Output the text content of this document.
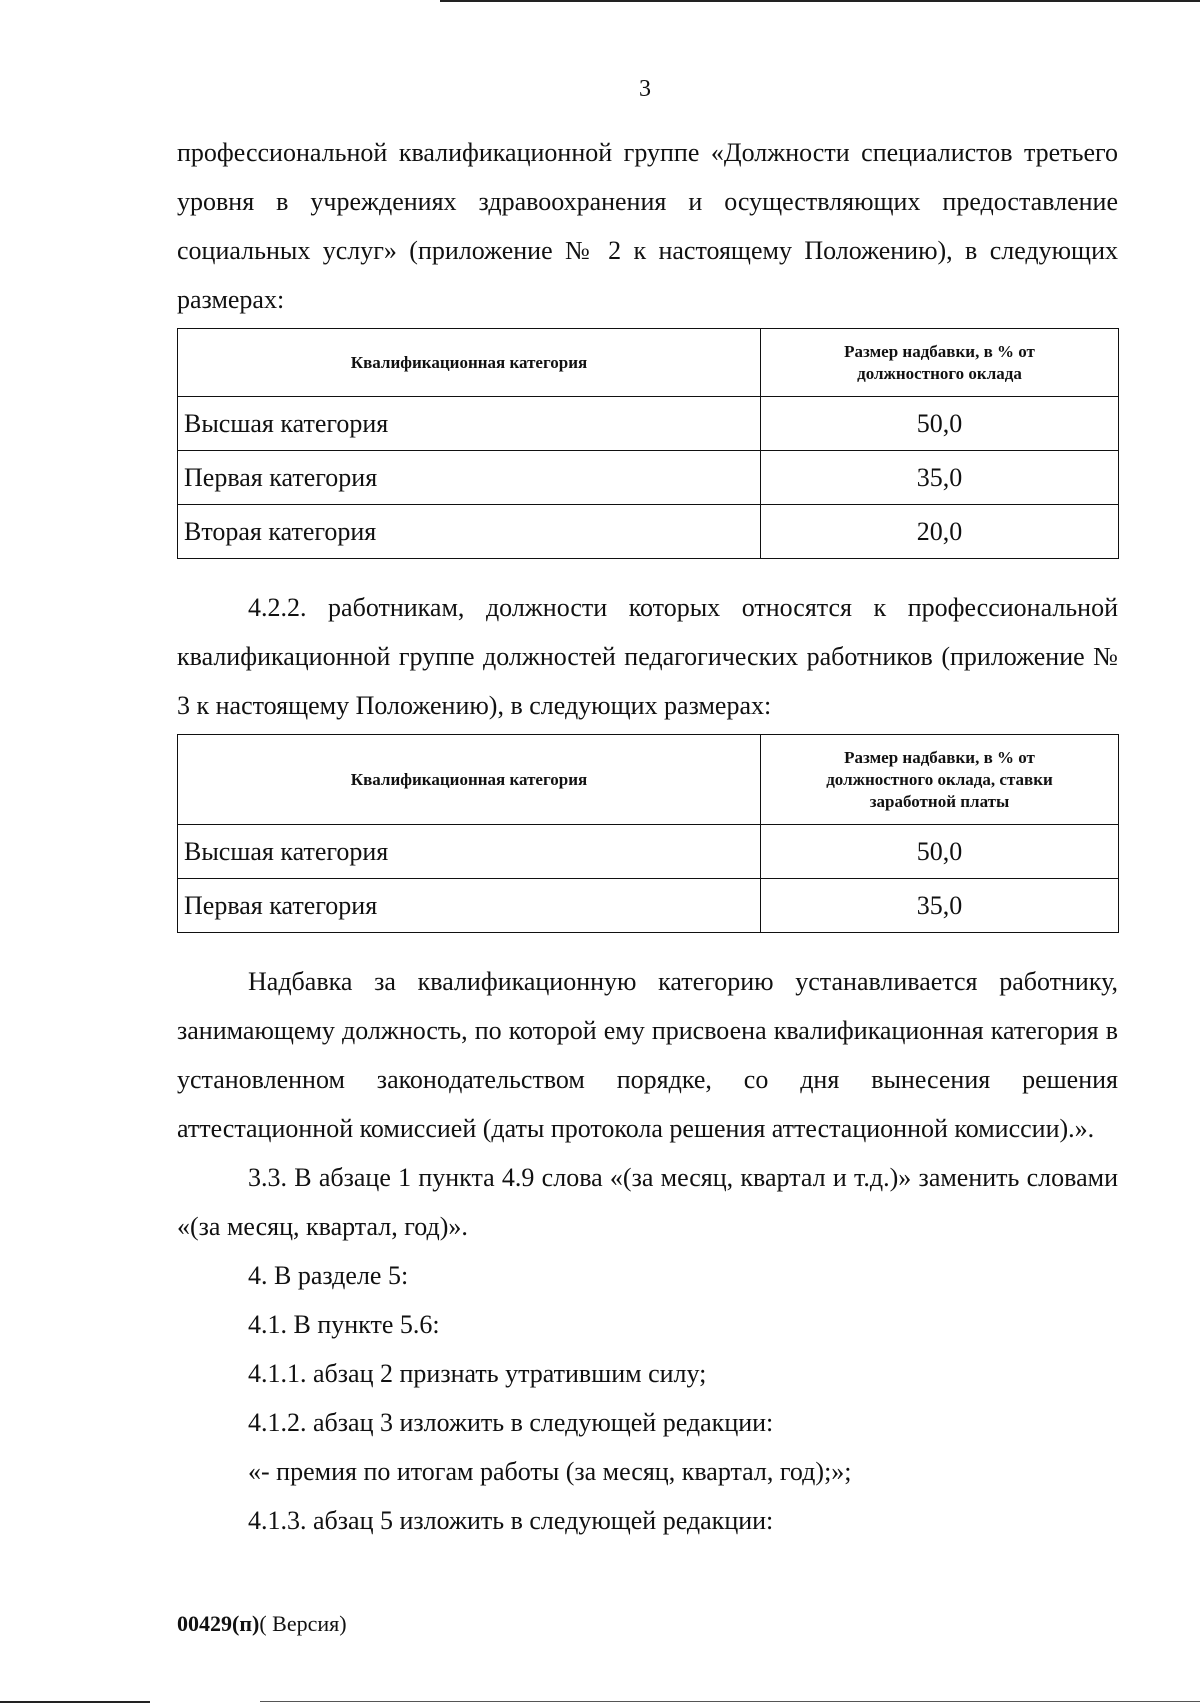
3

профессиональной квалификационной группе «Должности специалистов третьего уровня в учреждениях здравоохранения и осуществляющих предоставление социальных услуг» (приложение № 2 к настоящему Положению), в следующих размерах:

Квалификационная категория	Размер надбавки, в % от должностного оклада
Высшая категория	50,0
Первая категория	35,0
Вторая категория	20,0

4.2.2. работникам, должности которых относятся к профессиональной квалификационной группе должностей педагогических работников (приложение № 3 к настоящему Положению), в следующих размерах:

Квалификационная категория	Размер надбавки, в % от должностного оклада, ставки заработной платы
Высшая категория	50,0
Первая категория	35,0

Надбавка за квалификационную категорию устанавливается работнику, занимающему должность, по которой ему присвоена квалификационная категория в установленном законодательством порядке, со дня вынесения решения аттестационной комиссией (даты протокола решения аттестационной комиссии).».

3.3. В абзаце 1 пункта 4.9 слова «(за месяц, квартал и т.д.)» заменить словами «(за месяц, квартал, год)».

4. В разделе 5:

4.1. В пункте 5.6:

4.1.1. абзац 2 признать утратившим силу;

4.1.2. абзац 3 изложить в следующей редакции:

«- премия по итогам работы (за месяц, квартал, год);»;

4.1.3. абзац 5 изложить в следующей редакции:

00429(п)( Версия)
